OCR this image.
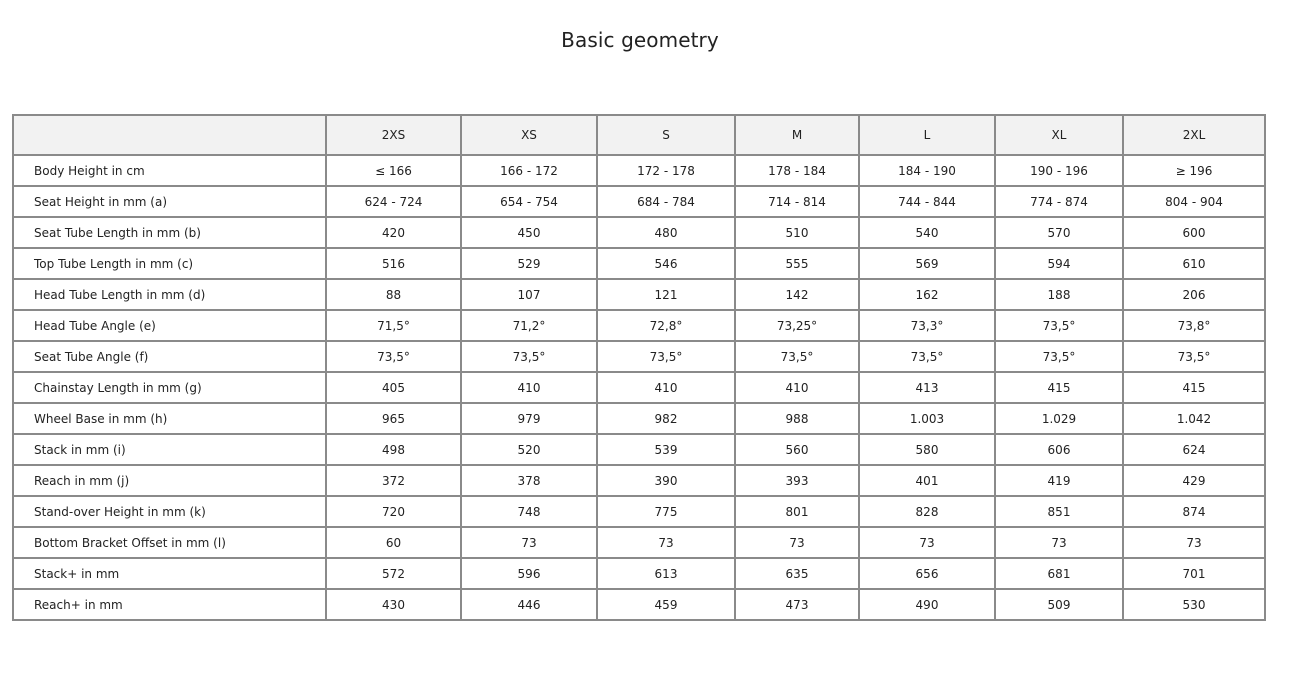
Basic geometry
	2XS	XS	S	M	L	XL	2XL
Body Height in cm	≤ 166	166 - 172	172 - 178	178 - 184	184 - 190	190 - 196	≥ 196
Seat Height in mm (a)	624 - 724	654 - 754	684 - 784	714 - 814	744 - 844	774 - 874	804 - 904
Seat Tube Length in mm (b)	420	450	480	510	540	570	600
Top Tube Length in mm (c)	516	529	546	555	569	594	610
Head Tube Length in mm (d)	88	107	121	142	162	188	206
Head Tube Angle (e)	71,5°	71,2°	72,8°	73,25°	73,3°	73,5°	73,8°
Seat Tube Angle (f)	73,5°	73,5°	73,5°	73,5°	73,5°	73,5°	73,5°
Chainstay Length in mm (g)	405	410	410	410	413	415	415
Wheel Base in mm (h)	965	979	982	988	1.003	1.029	1.042
Stack in mm (i)	498	520	539	560	580	606	624
Reach in mm (j)	372	378	390	393	401	419	429
Stand-over Height in mm (k)	720	748	775	801	828	851	874
Bottom Bracket Offset in mm (l)	60	73	73	73	73	73	73
Stack+ in mm	572	596	613	635	656	681	701
Reach+ in mm	430	446	459	473	490	509	530
